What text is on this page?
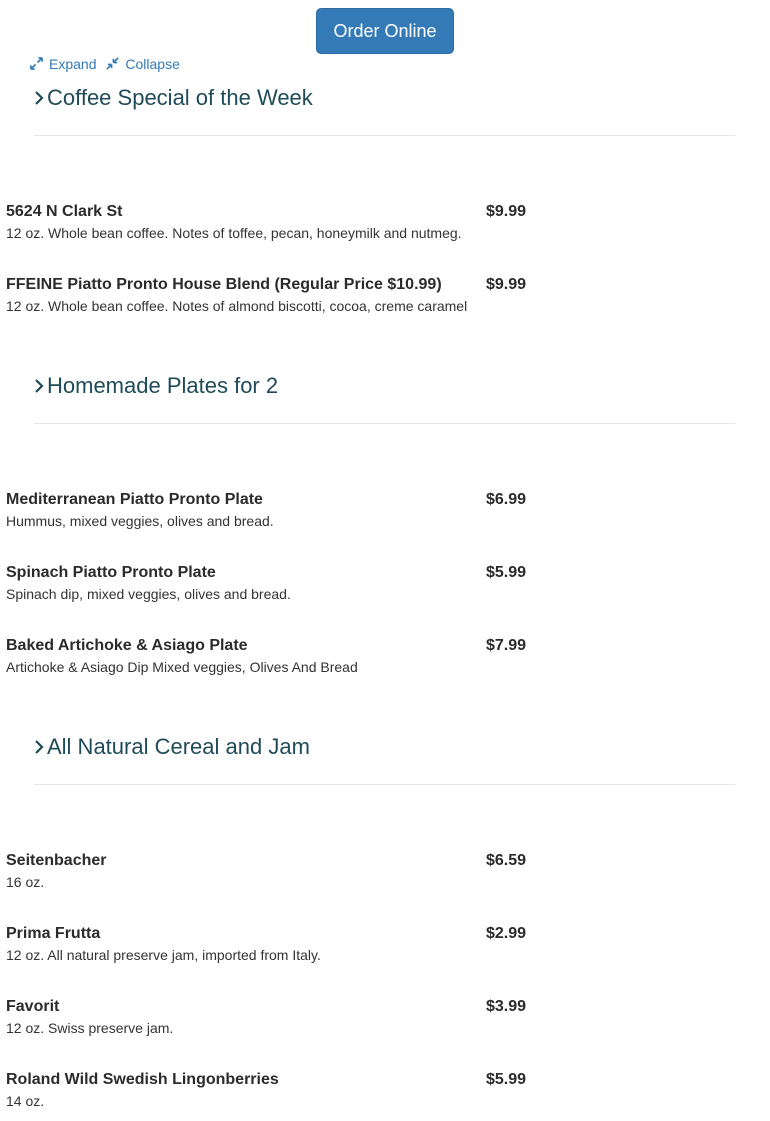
Order Online
Expand Collapse
Coffee Special of the Week
5624 N Clark St	$9.99
12 oz. Whole bean coffee. Notes of toffee, pecan, honeymilk and nutmeg.
FFEINE Piatto Pronto House Blend (Regular Price $10.99)	$9.99
12 oz. Whole bean coffee. Notes of almond biscotti, cocoa, creme caramel
Homemade Plates for 2
Mediterranean Piatto Pronto Plate	$6.99
Hummus, mixed veggies, olives and bread.
Spinach Piatto Pronto Plate	$5.99
Spinach dip, mixed veggies, olives and bread.
Baked Artichoke & Asiago Plate	$7.99
Artichoke & Asiago Dip Mixed veggies, Olives And Bread
All Natural Cereal and Jam
Seitenbacher	$6.59
16 oz.
Prima Frutta	$2.99
12 oz. All natural preserve jam, imported from Italy.
Favorit	$3.99
12 oz. Swiss preserve jam.
Roland Wild Swedish Lingonberries	$5.99
14 oz.
